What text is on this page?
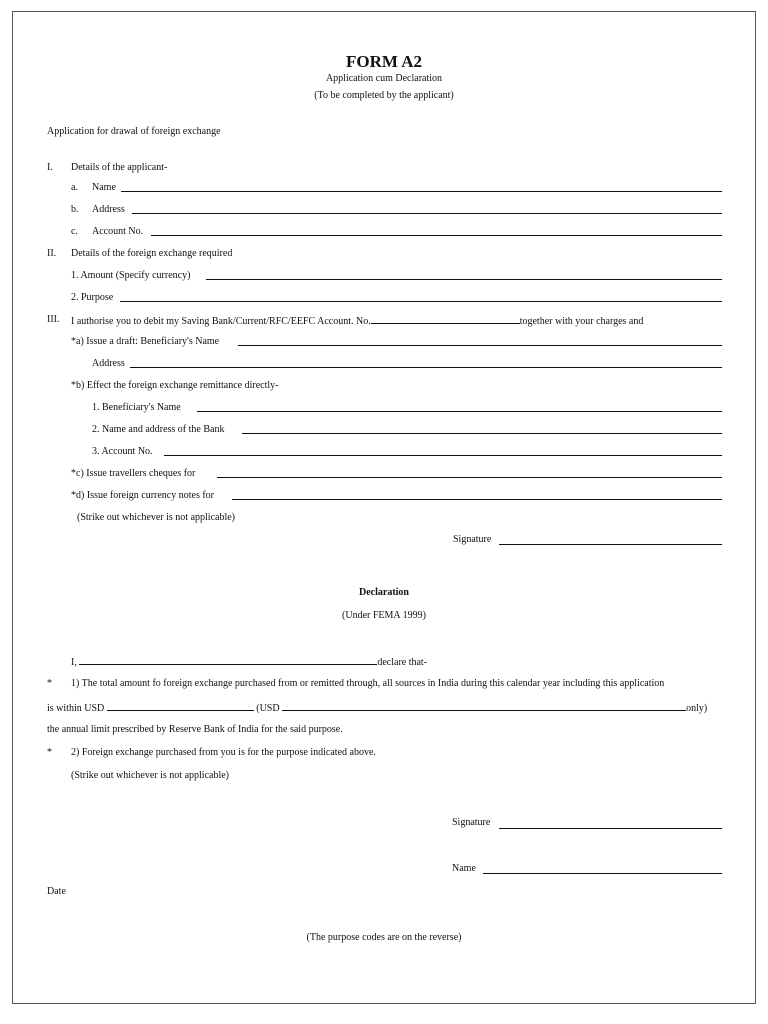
FORM A2
Application cum Declaration
(To be completed by the applicant)
Application for drawal of foreign exchange
I. Details of the applicant-
a. Name
b. Address
c. Account No.
II. Details of the foreign exchange required
1. Amount (Specify currency)
2. Purpose
III. I authorise you to debit my Saving Bank/Current/RFC/EEFC Account. No.	together with your charges and
*a) Issue a draft: Beneficiary's Name
Address
*b) Effect the foreign exchange remittance directly-
1. Beneficiary's Name
2. Name and address of the Bank
3. Account No.
*c) Issue travellers cheques for
*d) Issue foreign currency notes for
(Strike out whichever is not applicable)
Signature
Declaration
(Under FEMA 1999)
I,	declare that-
* 1) The total amount fo foreign exchange purchased from or remitted through, all sources in India during this calendar year including this application
is within USD	(USD	only)
the annual limit prescribed by Reserve Bank of India for the said purpose.
* 2) Foreign exchange purchased from you is for the purpose indicated above.
(Strike out whichever is not applicable)
Signature
Name
Date
(The purpose codes are on the reverse)
